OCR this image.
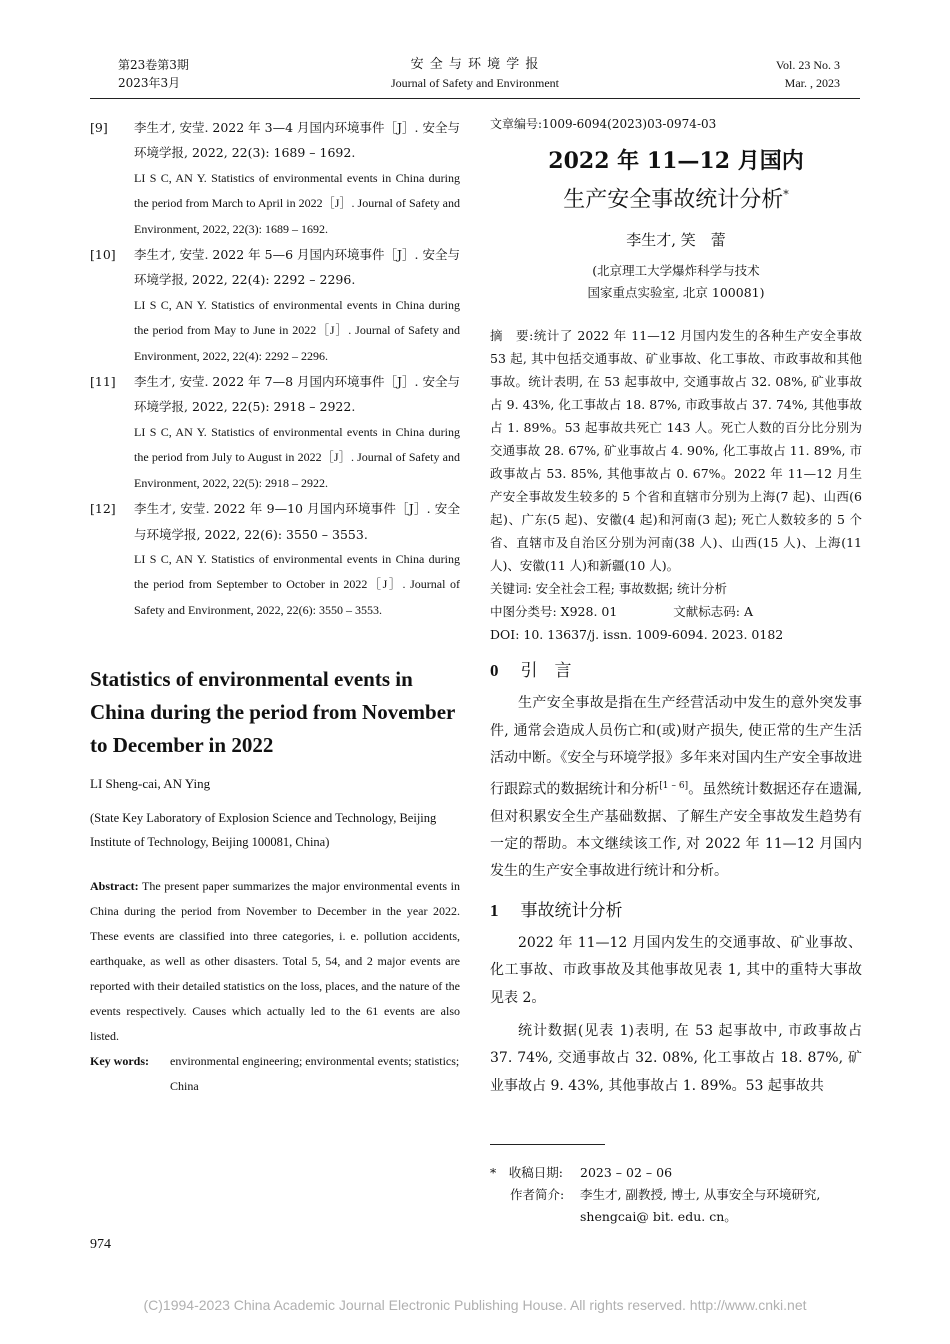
第23卷第3期
2023年3月
安 全 与 环 境 学 报
Journal of Safety and Environment
Vol. 23 No. 3
Mar. , 2023
[9] 李生才, 安莹. 2022 年 3—4 月国内环境事件［J］. 安全与环境学报, 2022, 22(3): 1689 – 1692.
LI S C, AN Y. Statistics of environmental events in China during the period from March to April in 2022［J］. Journal of Safety and Environment, 2022, 22(3): 1689 – 1692.
[10] 李生才, 安莹. 2022 年 5—6 月国内环境事件［J］. 安全与环境学报, 2022, 22(4): 2292 – 2296.
LI S C, AN Y. Statistics of environmental events in China during the period from May to June in 2022［J］. Journal of Safety and Environment, 2022, 22(4): 2292 – 2296.
[11] 李生才, 安莹. 2022 年 7—8 月国内环境事件［J］. 安全与环境学报, 2022, 22(5): 2918 – 2922.
LI S C, AN Y. Statistics of environmental events in China during the period from July to August in 2022［J］. Journal of Safety and Environment, 2022, 22(5): 2918 – 2922.
[12] 李生才, 安莹. 2022 年 9—10 月国内环境事件［J］. 安全与环境学报, 2022, 22(6): 3550 – 3553.
LI S C, AN Y. Statistics of environmental events in China during the period from September to October in 2022［J］. Journal of Safety and Environment, 2022, 22(6): 3550 – 3553.
Statistics of environmental events in China during the period from November to December in 2022
LI Sheng-cai, AN Ying
(State Key Laboratory of Explosion Science and Technology, Beijing Institute of Technology, Beijing 100081, China)
Abstract: The present paper summarizes the major environmental events in China during the period from November to December in the year 2022. These events are classified into three categories, i. e. pollution accidents, earthquake, as well as other disasters. Total 5, 54, and 2 major events are reported with their detailed statistics on the loss, places, and the nature of the events respectively. Causes which actually led to the 61 events are also listed.
Key words: environmental engineering; environmental events; statistics; China
974
文章编号:1009-6094(2023)03-0974-03
2022 年 11—12 月国内
生产安全事故统计分析*
李生才, 笑　蕾
(北京理工大学爆炸科学与技术
国家重点实验室, 北京 100081)
摘　要:统计了 2022 年 11—12 月国内发生的各种生产安全事故 53 起, 其中包括交通事故、矿业事故、化工事故、市政事故和其他事故。统计表明, 在 53 起事故中, 交通事故占 32. 08%, 矿业事故占 9. 43%, 化工事故占 18. 87%, 市政事故占 37. 74%, 其他事故占 1. 89%。53 起事故共死亡 143 人。死亡人数的百分比分别为交通事故 28. 67%, 矿业事故占 4. 90%, 化工事故占 11. 89%, 市政事故占 53. 85%, 其他事故占 0. 67%。2022 年 11—12 月生产安全事故发生较多的 5 个省和直辖市分别为上海(7 起)、山西(6 起)、广东(5 起)、安徽(4 起)和河南(3 起); 死亡人数较多的 5 个省、直辖市及自治区分别为河南(38 人)、山西(15 人)、上海(11 人)、安徽(11 人)和新疆(10 人)。
关键词: 安全社会工程; 事故数据; 统计分析
中图分类号: X928. 01	文献标志码: A
DOI: 10. 13637/j. issn. 1009-6094. 2023. 0182
0 引　言
生产安全事故是指在生产经营活动中发生的意外突发事件, 通常会造成人员伤亡和(或)财产损失, 使正常的生产生活活动中断。《安全与环境学报》多年来对国内生产安全事故进行跟踪式的数据统计和分析[1 – 6]。虽然统计数据还存在遗漏, 但对积累安全生产基础数据、了解生产安全事故发生趋势有一定的帮助。本文继续该工作, 对 2022 年 11—12 月国内发生的生产安全事故进行统计和分析。
1 事故统计分析
2022 年 11—12 月国内发生的交通事故、矿业事故、化工事故、市政事故及其他事故见表 1, 其中的重特大事故见表 2。
统计数据(见表 1)表明, 在 53 起事故中, 市政事故占 37. 74%, 交通事故占 32. 08%, 化工事故占 18. 87%, 矿业事故占 9. 43%, 其他事故占 1. 89%。53 起事故共
*　收稿日期: 2023 – 02 – 06
作者简介: 李生才, 副教授, 博士, 从事安全与环境研究, shengcai@ bit. edu. cn。
(C)1994-2023 China Academic Journal Electronic Publishing House. All rights reserved. http://www.cnki.net
